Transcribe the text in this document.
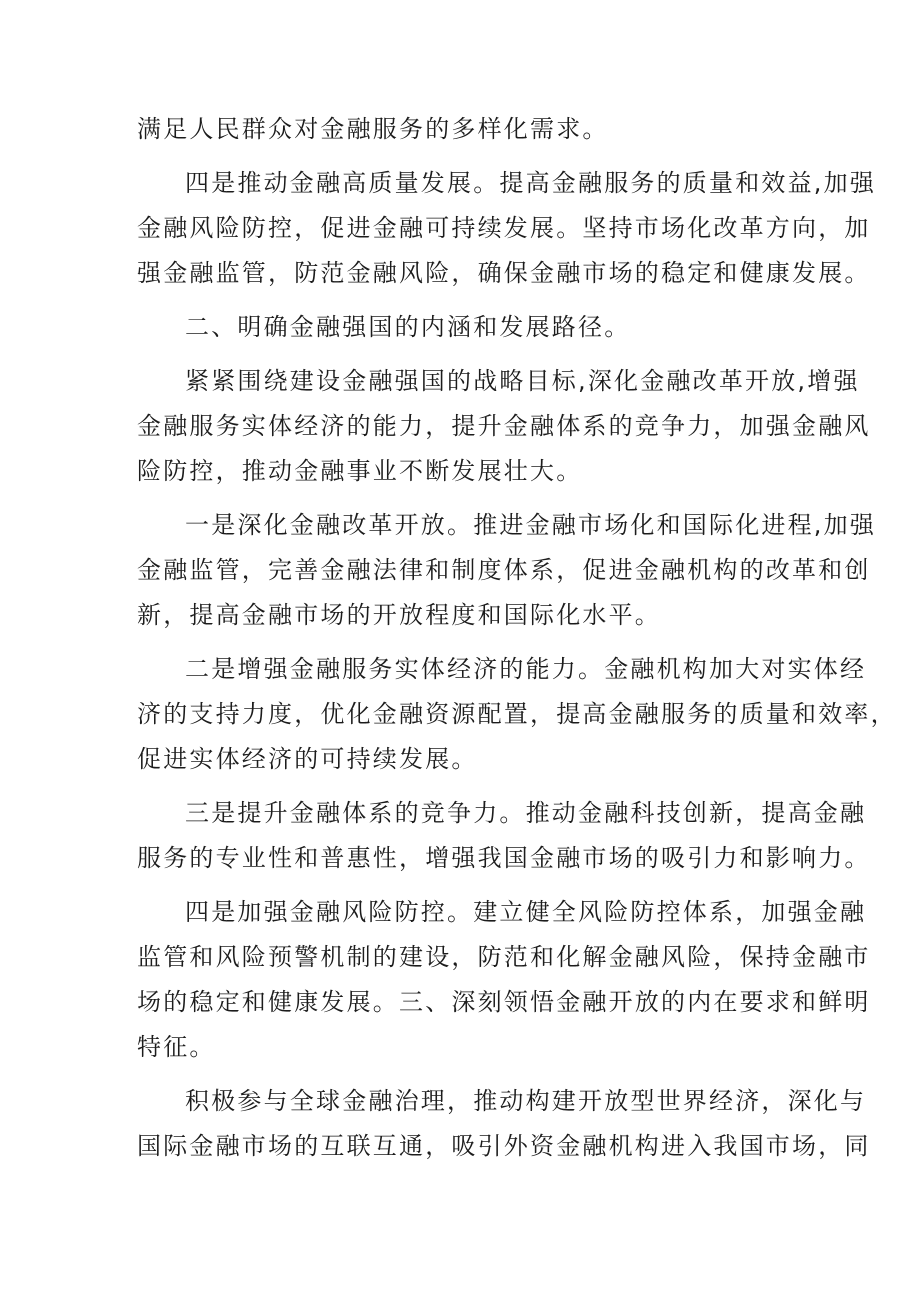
满足人民群众对金融服务的多样化需求。
四是推动金融高质量发展。提高金融服务的质量和效益,加强
金融风险防控，促进金融可持续发展。坚持市场化改革方向，加
强金融监管，防范金融风险，确保金融市场的稳定和健康发展。
二、明确金融强国的内涵和发展路径。
紧紧围绕建设金融强国的战略目标,深化金融改革开放,增强
金融服务实体经济的能力，提升金融体系的竞争力，加强金融风
险防控，推动金融事业不断发展壮大。
一是深化金融改革开放。推进金融市场化和国际化进程,加强
金融监管，完善金融法律和制度体系，促进金融机构的改革和创
新，提高金融市场的开放程度和国际化水平。
二是增强金融服务实体经济的能力。金融机构加大对实体经
济的支持力度，优化金融资源配置，提高金融服务的质量和效率，
促进实体经济的可持续发展。
三是提升金融体系的竞争力。推动金融科技创新，提高金融
服务的专业性和普惠性，增强我国金融市场的吸引力和影响力。
四是加强金融风险防控。建立健全风险防控体系，加强金融
监管和风险预警机制的建设，防范和化解金融风险，保持金融市
场的稳定和健康发展。三、深刻领悟金融开放的内在要求和鲜明
特征。
积极参与全球金融治理，推动构建开放型世界经济，深化与
国际金融市场的互联互通，吸引外资金融机构进入我国市场，同
